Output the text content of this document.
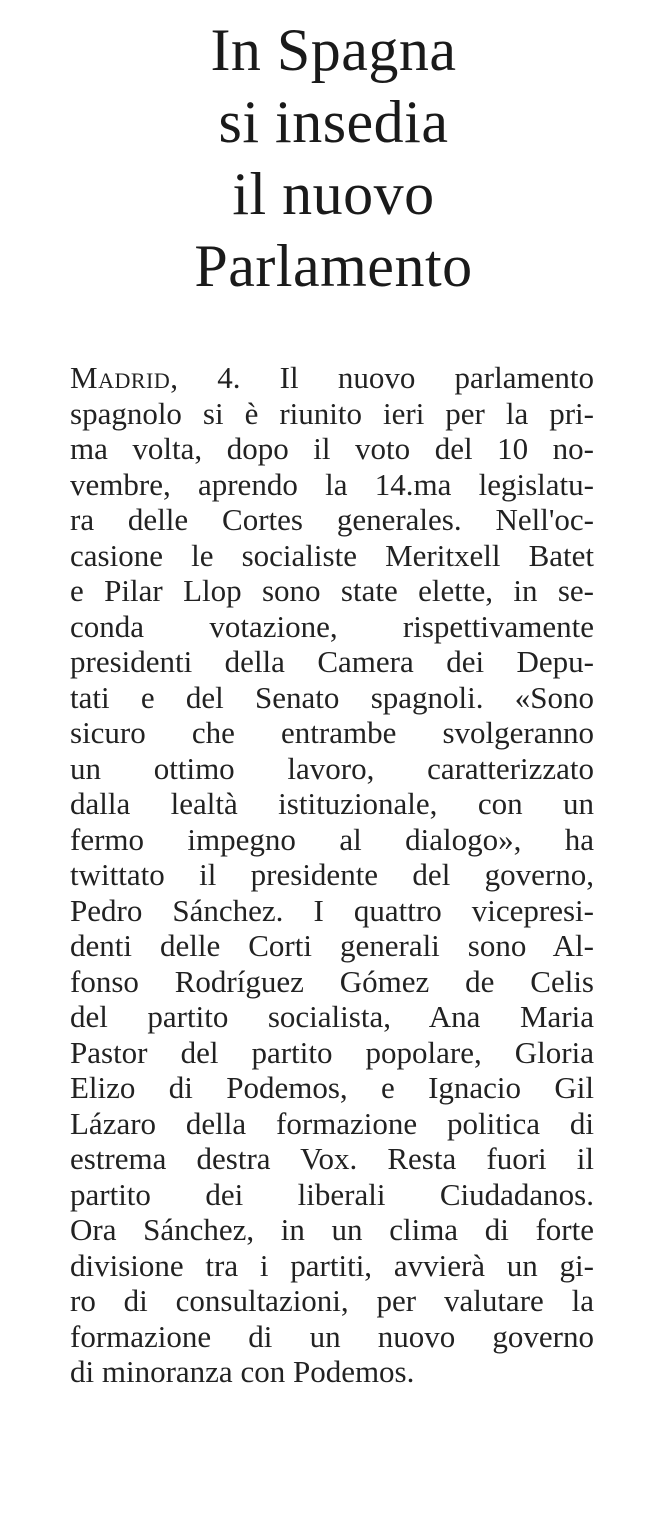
In Spagna
si insedia
il nuovo
Parlamento
Madrid, 4. Il nuovo parlamento
spagnolo si è riunito ieri per la pri-
ma volta, dopo il voto del 10 no-
vembre, aprendo la 14.ma legislatu-
ra delle Cortes generales. Nell'oc-
casione le socialiste Meritxell Batet
e Pilar Llop sono state elette, in se-
conda votazione, rispettivamente
presidenti della Camera dei Depu-
tati e del Senato spagnoli. «Sono
sicuro che entrambe svolgeranno
un ottimo lavoro, caratterizzato
dalla lealtà istituzionale, con un
fermo impegno al dialogo», ha
twittato il presidente del governo,
Pedro Sánchez. I quattro vicepresi-
denti delle Corti generali sono Al-
fonso Rodríguez Gómez de Celis
del partito socialista, Ana Maria
Pastor del partito popolare, Gloria
Elizo di Podemos, e Ignacio Gil
Lázaro della formazione politica di
estrema destra Vox. Resta fuori il
partito dei liberali Ciudadanos.
Ora Sánchez, in un clima di forte
divisione tra i partiti, avvierà un gi-
ro di consultazioni, per valutare la
formazione di un nuovo governo
di minoranza con Podemos.
